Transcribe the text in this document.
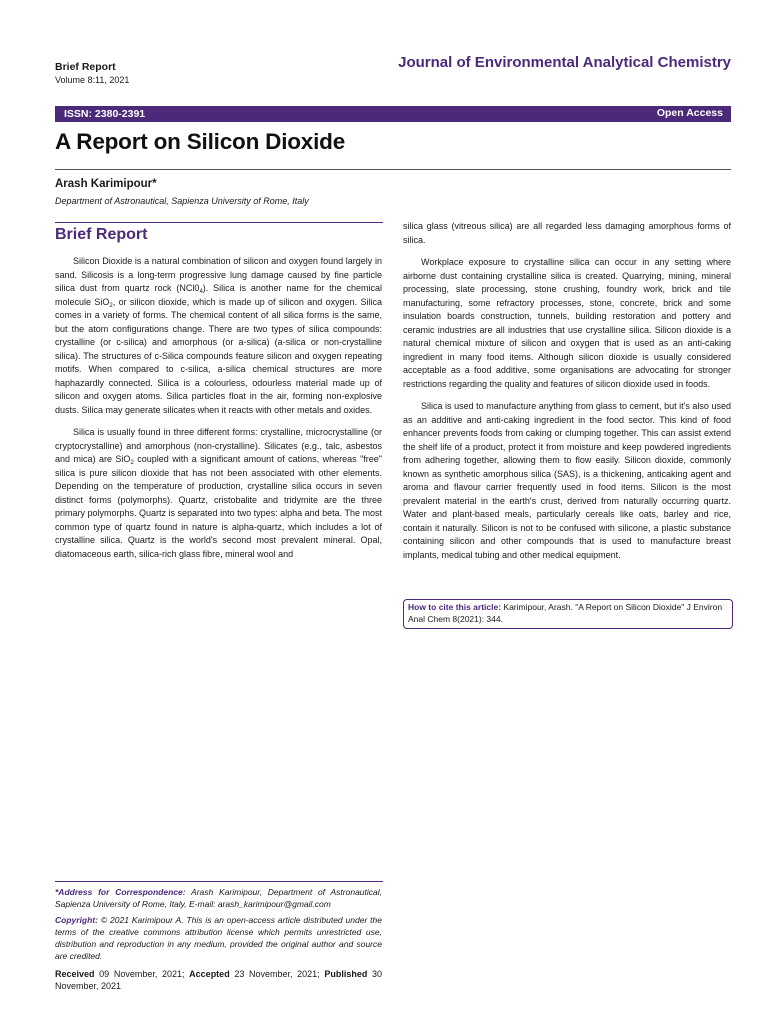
Brief Report
Volume 8:11, 2021
Journal of Environmental Analytical Chemistry
ISSN: 2380-2391	Open Access
A Report on Silicon Dioxide
Arash Karimipour*
Department of Astronautical, Sapienza University of Rome, Italy
Brief Report

Silicon Dioxide is a natural combination of silicon and oxygen found largely in sand. Silicosis is a long-term progressive lung damage caused by fine particle silica dust from quartz rock $(NCl0_4)$. Silica is another name for the chemical molecule SiO$_2$, or silicon dioxide, which is made up of silicon and oxygen. Silica comes in a variety of forms. The chemical content of all silica forms is the same, but the atom configurations change. There are two types of silica compounds: crystalline (or c-silica) and amorphous (or a-silica) (a-silica or non-crystalline silica). The structures of c-Silica compounds feature silicon and oxygen repeating motifs. When compared to c-silica, a-silica chemical structures are more haphazardly connected. Silica is a colourless, odourless material made up of silicon and oxygen atoms. Silica particles float in the air, forming non-explosive dusts. Silica may generate silicates when it reacts with other metals and oxides.

Silica is usually found in three different forms: crystalline, microcrystalline (or cryptocrystalline) and amorphous (non-crystalline). Silicates (e.g., talc, asbestos and mica) are SiO$_2$ coupled with a significant amount of cations, whereas "free" silica is pure silicon dioxide that has not been associated with other elements. Depending on the temperature of production, crystalline silica occurs in seven distinct forms (polymorphs). Quartz, cristobalite and tridymite are the three primary polymorphs. Quartz is separated into two types: alpha and beta. The most common type of quartz found in nature is alpha-quartz, which includes a lot of crystalline silica. Quartz is the world's second most prevalent mineral. Opal, diatomaceous earth, silica-rich glass fibre, mineral wool and

silica glass (vitreous silica) are all regarded less damaging amorphous forms of silica.

Workplace exposure to crystalline silica can occur in any setting where airborne dust containing crystalline silica is created. Quarrying, mining, mineral processing, slate processing, stone crushing, foundry work, brick and tile manufacturing, some refractory processes, stone, concrete, brick and some insulation boards construction, tunnels, building restoration and pottery and ceramic industries are all industries that use crystalline silica. Silicon dioxide is a natural chemical mixture of silicon and oxygen that is used as an anti-caking ingredient in many food items. Although silicon dioxide is usually considered acceptable as a food additive, some organisations are advocating for stronger restrictions regarding the quality and features of silicon dioxide used in foods.

Silica is used to manufacture anything from glass to cement, but it's also used as an additive and anti-caking ingredient in the food sector. This kind of food enhancer prevents foods from caking or clumping together. This can assist extend the shelf life of a product, protect it from moisture and keep powdered ingredients from adhering together, allowing them to flow easily. Silicon dioxide, commonly known as synthetic amorphous silica (SAS), is a thickening, anticaking agent and aroma and flavour carrier frequently used in food items. Silicon is the most prevalent material in the earth's crust, derived from naturally occurring quartz. Water and plant-based meals, particularly cereals like oats, barley and rice, contain it naturally. Silicon is not to be confused with silicone, a plastic substance containing silicon and other compounds that is used to manufacture breast implants, medical tubing and other medical equipment.

How to cite this article: Karimipour, Arash. "A Report on Silicon Dioxide" J Environ Anal Chem 8(2021): 344.
*Address for Correspondence: Arash Karimipour, Department of Astronautical, Sapienza University of Rome, Italy, E-mail: arash_karimipour@gmail.com
Copyright: © 2021 Karimipour A. This is an open-access article distributed under the terms of the creative commons attribution license which permits unrestricted use, distribution and reproduction in any medium, provided the original author and source are credited.
Received 09 November, 2021; Accepted 23 November, 2021; Published 30 November, 2021
